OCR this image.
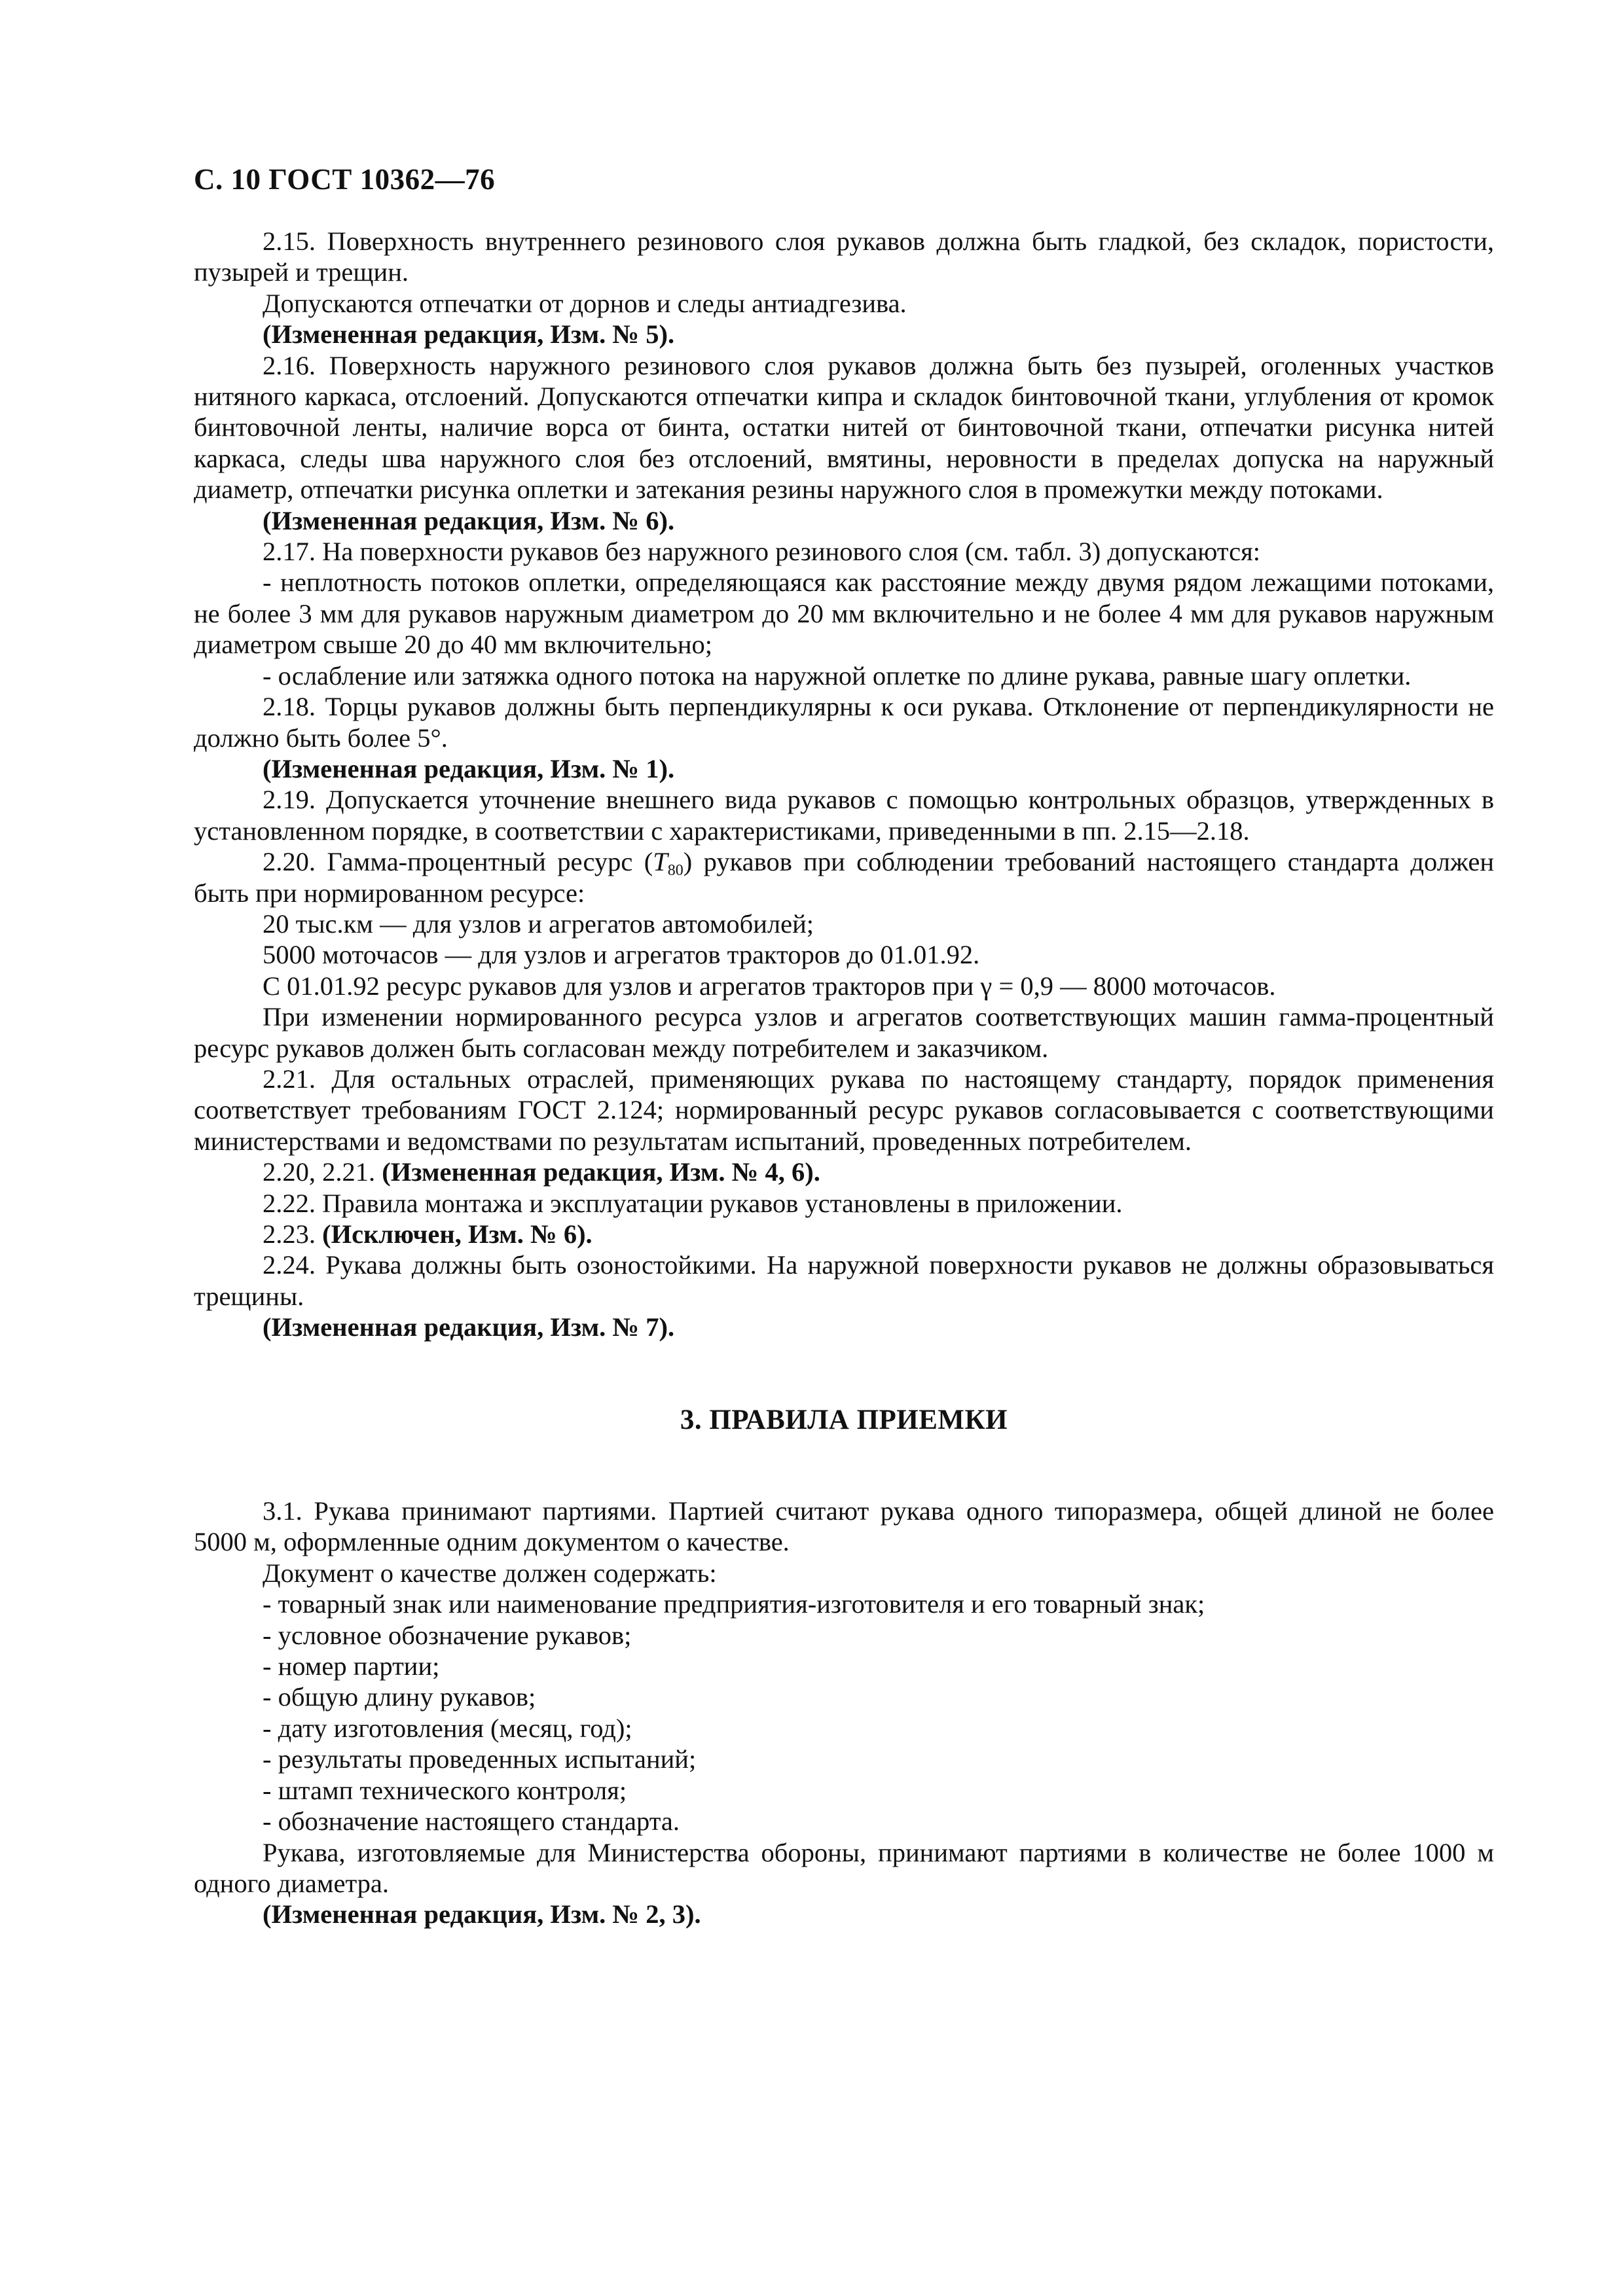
С. 10 ГОСТ 10362—76

2.15. Поверхность внутреннего резинового слоя рукавов должна быть гладкой, без складок, пористости, пузырей и трещин.

Допускаются отпечатки от дорнов и следы антиадгезива.

(Измененная редакция, Изм. № 5).

2.16. Поверхность наружного резинового слоя рукавов должна быть без пузырей, оголенных участков нитяного каркаса, отслоений. Допускаются отпечатки кипра и складок бинтовочной ткани, углубления от кромок бинтовочной ленты, наличие ворса от бинта, остатки нитей от бинтовочной ткани, отпечатки рисунка нитей каркаса, следы шва наружного слоя без отслоений, вмятины, неровности в пределах допуска на наружный диаметр, отпечатки рисунка оплетки и затекания резины наружного слоя в промежутки между потоками.

(Измененная редакция, Изм. № 6).

2.17. На поверхности рукавов без наружного резинового слоя (см. табл. 3) допускаются:

- неплотность потоков оплетки, определяющаяся как расстояние между двумя рядом лежащими потоками, не более 3 мм для рукавов наружным диаметром до 20 мм включительно и не более 4 мм для рукавов наружным диаметром свыше 20 до 40 мм включительно;

- ослабление или затяжка одного потока на наружной оплетке по длине рукава, равные шагу оплетки.

2.18. Торцы рукавов должны быть перпендикулярны к оси рукава. Отклонение от перпендикулярности не должно быть более 5°.

(Измененная редакция, Изм. № 1).

2.19. Допускается уточнение внешнего вида рукавов с помощью контрольных образцов, утвержденных в установленном порядке, в соответствии с характеристиками, приведенными в пп. 2.15—2.18.

2.20. Гамма-процентный ресурс $(T_{80})$ рукавов при соблюдении требований настоящего стандарта должен быть при нормированном ресурсе:

20 тыс.км — для узлов и агрегатов автомобилей;

5000 моточасов — для узлов и агрегатов тракторов до 01.01.92.

С 01.01.92 ресурс рукавов для узлов и агрегатов тракторов при γ = 0,9 — 8000 моточасов.

При изменении нормированного ресурса узлов и агрегатов соответствующих машин гамма-процентный ресурс рукавов должен быть согласован между потребителем и заказчиком.

2.21. Для остальных отраслей, применяющих рукава по настоящему стандарту, порядок применения соответствует требованиям ГОСТ 2.124; нормированный ресурс рукавов согласовывается с соответствующими министерствами и ведомствами по результатам испытаний, проведенных потребителем.

2.20, 2.21. (Измененная редакция, Изм. № 4, 6).

2.22. Правила монтажа и эксплуатации рукавов установлены в приложении.

2.23. (Исключен, Изм. № 6).

2.24. Рукава должны быть озоностойкими. На наружной поверхности рукавов не должны образовываться трещины.

(Измененная редакция, Изм. № 7).

3. ПРАВИЛА ПРИЕМКИ

3.1. Рукава принимают партиями. Партией считают рукава одного типоразмера, общей длиной не более 5000 м, оформленные одним документом о качестве.

Документ о качестве должен содержать:

- товарный знак или наименование предприятия-изготовителя и его товарный знак;

- условное обозначение рукавов;

- номер партии;

- общую длину рукавов;

- дату изготовления (месяц, год);

- результаты проведенных испытаний;

- штамп технического контроля;

- обозначение настоящего стандарта.

Рукава, изготовляемые для Министерства обороны, принимают партиями в количестве не более 1000 м одного диаметра.

(Измененная редакция, Изм. № 2, 3).
